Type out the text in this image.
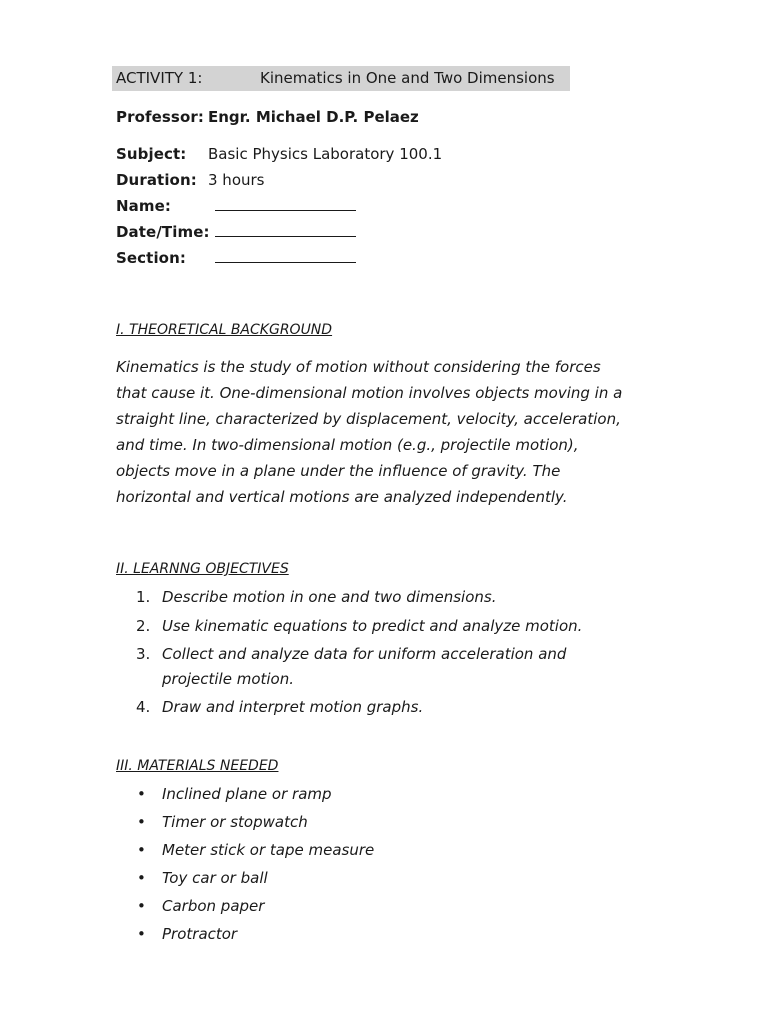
ACTIVITY 1:	Kinematics in One and Two Dimensions
Professor: Engr. Michael D.P. Pelaez
Subject: Basic Physics Laboratory 100.1
Duration: 3 hours
Name:
Date/Time:
Section:
I. THEORETICAL BACKGROUND
Kinematics is the study of motion without considering the forces
that cause it. One-dimensional motion involves objects moving in a
straight line, characterized by displacement, velocity, acceleration,
and time. In two-dimensional motion (e.g., projectile motion),
objects move in a plane under the influence of gravity. The
horizontal and vertical motions are analyzed independently.
II. LEARNNG OBJECTIVES
1. Describe motion in one and two dimensions.
2. Use kinematic equations to predict and analyze motion.
3. Collect and analyze data for uniform acceleration and
projectile motion.
4. Draw and interpret motion graphs.
III. MATERIALS NEEDED
• Inclined plane or ramp
• Timer or stopwatch
• Meter stick or tape measure
• Toy car or ball
• Carbon paper
• Protractor
